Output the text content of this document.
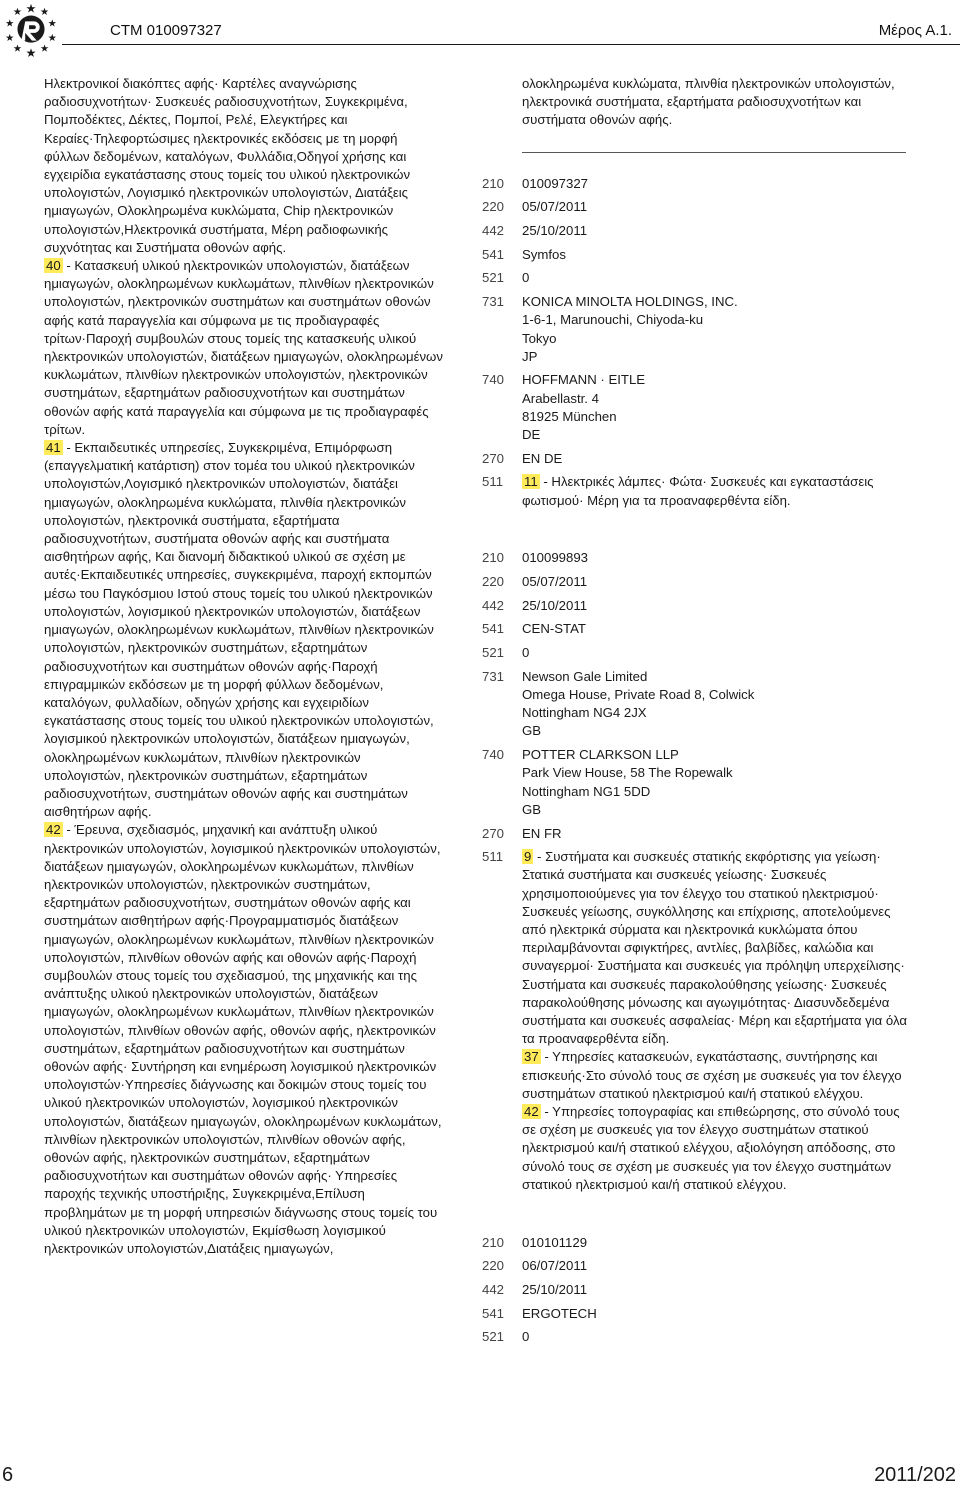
CTM 010097327	Μέρος Α.1.

Ηλεκτρονικοί διακόπτες αφής· Καρτέλες αναγνώρισης ραδιοσυχνοτήτων· Συσκευές ραδιοσυχνοτήτων, Συγκεκριμένα, Πομποδέκτες, Δέκτες, Πομποί, Ρελέ, Ελεγκτήρες και Κεραίες·Τηλεφορτώσιμες ηλεκτρονικές εκδόσεις με τη μορφή φύλλων δεδομένων, καταλόγων, Φυλλάδια,Οδηγοί χρήσης και εγχειρίδια εγκατάστασης στους τομείς του υλικού ηλεκτρονικών υπολογιστών, Λογισμικό ηλεκτρονικών υπολογιστών, Διατάξεις ημιαγωγών, Ολοκληρωμένα κυκλώματα, Chip ηλεκτρονικών υπολογιστών,Ηλεκτρονικά συστήματα, Μέρη ραδιοφωνικής συχνότητας και Συστήματα οθονών αφής.

40 - Κατασκευή υλικού ηλεκτρονικών υπολογιστών, διατάξεων ημιαγωγών, ολοκληρωμένων κυκλωμάτων, πλινθίων ηλεκτρονικών υπολογιστών, ηλεκτρονικών συστημάτων και συστημάτων οθονών αφής κατά παραγγελία και σύμφωνα με τις προδιαγραφές τρίτων·Παροχή συμβουλών στους τομείς της κατασκευής υλικού ηλεκτρονικών υπολογιστών, διατάξεων ημιαγωγών, ολοκληρωμένων κυκλωμάτων, πλινθίων ηλεκτρονικών υπολογιστών, ηλεκτρονικών συστημάτων, εξαρτημάτων ραδιοσυχνοτήτων και συστημάτων οθονών αφής κατά παραγγελία και σύμφωνα με τις προδιαγραφές τρίτων.

41 - Εκπαιδευτικές υπηρεσίες, Συγκεκριμένα, Επιμόρφωση (επαγγελματική κατάρτιση) στον τομέα του υλικού ηλεκτρονικών υπολογιστών,Λογισμικό ηλεκτρονικών υπολογιστών, διατάξει ημιαγωγών, ολοκληρωμένα κυκλώματα, πλινθία ηλεκτρονικών υπολογιστών, ηλεκτρονικά συστήματα, εξαρτήματα ραδιοσυχνοτήτων, συστήματα οθονών αφής και συστήματα αισθητήρων αφής, Και διανομή διδακτικού υλικού σε σχέση με αυτές·Εκπαιδευτικές υπηρεσίες, συγκεκριμένα, παροχή εκπομπών μέσω του Παγκόσμιου Ιστού στους τομείς του υλικού ηλεκτρονικών υπολογιστών, λογισμικού ηλεκτρονικών υπολογιστών, διατάξεων ημιαγωγών, ολοκληρωμένων κυκλωμάτων, πλινθίων ηλεκτρονικών υπολογιστών, ηλεκτρονικών συστημάτων, εξαρτημάτων ραδιοσυχνοτήτων και συστημάτων οθονών αφής·Παροχή επιγραμμικών εκδόσεων με τη μορφή φύλλων δεδομένων, καταλόγων, φυλλαδίων, οδηγών χρήσης και εγχειριδίων εγκατάστασης στους τομείς του υλικού ηλεκτρονικών υπολογιστών, λογισμικού ηλεκτρονικών υπολογιστών, διατάξεων ημιαγωγών, ολοκληρωμένων κυκλωμάτων, πλινθίων ηλεκτρονικών υπολογιστών, ηλεκτρονικών συστημάτων, εξαρτημάτων ραδιοσυχνοτήτων, συστημάτων οθονών αφής και συστημάτων αισθητήρων αφής.

42 - Έρευνα, σχεδιασμός, μηχανική και ανάπτυξη υλικού ηλεκτρονικών υπολογιστών, λογισμικού ηλεκτρονικών υπολογιστών, διατάξεων ημιαγωγών, ολοκληρωμένων κυκλωμάτων, πλινθίων ηλεκτρονικών υπολογιστών, ηλεκτρονικών συστημάτων, εξαρτημάτων ραδιοσυχνοτήτων, συστημάτων οθονών αφής και συστημάτων αισθητήρων αφής·Προγραμματισμός διατάξεων ημιαγωγών, ολοκληρωμένων κυκλωμάτων, πλινθίων ηλεκτρονικών υπολογιστών, πλινθίων οθονών αφής και οθονών αφής·Παροχή συμβουλών στους τομείς του σχεδιασμού, της μηχανικής και της ανάπτυξης υλικού ηλεκτρονικών υπολογιστών, διατάξεων ημιαγωγών, ολοκληρωμένων κυκλωμάτων, πλινθίων ηλεκτρονικών υπολογιστών, πλινθίων οθονών αφής, οθονών αφής, ηλεκτρονικών συστημάτων, εξαρτημάτων ραδιοσυχνοτήτων και συστημάτων οθονών αφής· Συντήρηση και ενημέρωση λογισμικού ηλεκτρονικών υπολογιστών·Υπηρεσίες διάγνωσης και δοκιμών στους τομείς του υλικού ηλεκτρονικών υπολογιστών, λογισμικού ηλεκτρονικών υπολογιστών, διατάξεων ημιαγωγών, ολοκληρωμένων κυκλωμάτων, πλινθίων ηλεκτρονικών υπολογιστών, πλινθίων οθονών αφής, οθονών αφής, ηλεκτρονικών συστημάτων, εξαρτημάτων ραδιοσυχνοτήτων και συστημάτων οθονών αφής· Υπηρεσίες παροχής τεχνικής υποστήριξης, Συγκεκριμένα,Επίλυση προβλημάτων με τη μορφή υπηρεσιών διάγνωσης στους τομείς του υλικού ηλεκτρονικών υπολογιστών, Εκμίσθωση λογισμικού ηλεκτρονικών υπολογιστών,Διατάξεις ημιαγωγών,

ολοκληρωμένα κυκλώματα, πλινθία ηλεκτρονικών υπολογιστών, ηλεκτρονικά συστήματα, εξαρτήματα ραδιοσυχνοτήτων και συστήματα οθονών αφής.

210	010097327
220	05/07/2011
442	25/10/2011
541	Symfos
521	0
731	KONICA MINOLTA HOLDINGS, INC.
1-6-1, Marunouchi, Chiyoda-ku
Tokyo
JP
740	HOFFMANN · EITLE
Arabellastr. 4
81925 München
DE
270	EN DE
511	11 - Ηλεκτρικές λάμπες· Φώτα· Συσκευές και εγκαταστάσεις φωτισμού· Μέρη για τα προαναφερθέντα είδη.
210	010099893
220	05/07/2011
442	25/10/2011
541	CEN-STAT
521	0
731	Newson Gale Limited
Omega House, Private Road 8, Colwick
Nottingham NG4 2JX
GB
740	POTTER CLARKSON LLP
Park View House, 58 The Ropewalk
Nottingham NG1 5DD
GB
270	EN FR
511	9 - Συστήματα και συσκευές στατικής εκφόρτισης για γείωση· Στατικά συστήματα και συσκευές γείωσης· Συσκευές χρησιμοποιούμενες για τον έλεγχο του στατικού ηλεκτρισμού· Συσκευές γείωσης, συγκόλλησης και επίχρισης, αποτελούμενες από ηλεκτρικά σύρματα και ηλεκτρονικά κυκλώματα όπου περιλαμβάνονται σφιγκτήρες, αντλίες, βαλβίδες, καλώδια και συναγερμοί· Συστήματα και συσκευές για πρόληψη υπερχείλισης· Συστήματα και συσκευές παρακολούθησης γείωσης· Συσκευές παρακολούθησης μόνωσης και αγωγιμότητας· Διασυνδεδεμένα συστήματα και συσκευές ασφαλείας· Μέρη και εξαρτήματα για όλα τα προαναφερθέντα είδη.

37 - Υπηρεσίες κατασκευών, εγκατάστασης, συντήρησης και επισκευής·Στο σύνολό τους σε σχέση με συσκευές για τον έλεγχο συστημάτων στατικού ηλεκτρισμού και/ή στατικού ελέγχου.

42 - Υπηρεσίες τοπογραφίας και επιθεώρησης, στο σύνολό τους σε σχέση με συσκευές για τον έλεγχο συστημάτων στατικού ηλεκτρισμού και/ή στατικού ελέγχου, αξιολόγηση απόδοσης, στο σύνολό τους σε σχέση με συσκευές για τον έλεγχο συστημάτων στατικού ηλεκτρισμού και/ή στατικού ελέγχου.

210	010101129
220	06/07/2011
442	25/10/2011
541	ERGOTECH
521	0
6	2011/202
